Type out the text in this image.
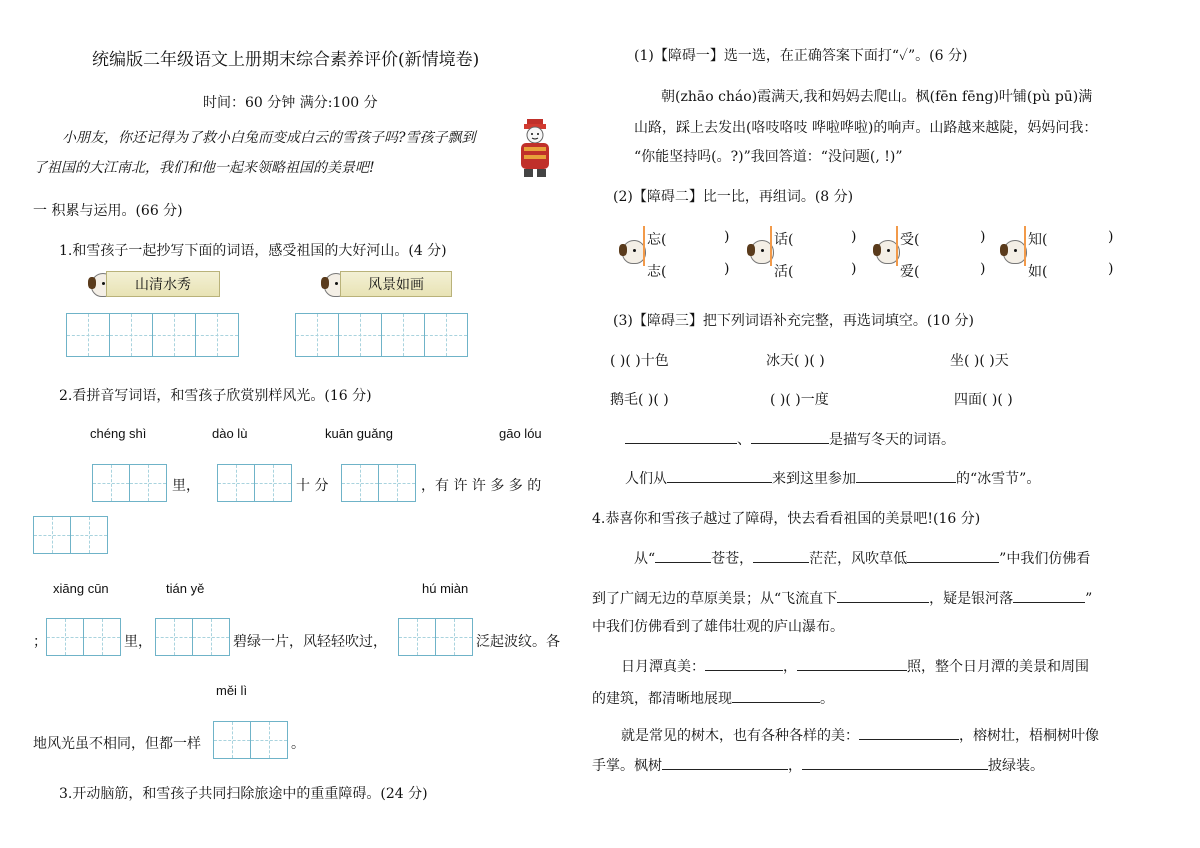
统编版二年级语文上册期末综合素养评价(新情境卷)
时间：60 分钟 满分:100 分
小朋友，你还记得为了救小白兔而变成白云的雪孩子吗?雪孩子飘到
了祖国的大江南北，我们和他一起来领略祖国的美景吧!
一 积累与运用。(66 分)
1.和雪孩子一起抄写下面的词语，感受祖国的大好河山。(4 分)
山清水秀	风景如画
2.看拼音写词语，和雪孩子欣赏别样风光。(16 分)
chéng shì	dào lù	kuān guǎng	gāo lóu
里，	十 分	，有 许 许 多 多 的
xiāng cūn	tián yě	hú miàn
；	里，	碧绿一片，风轻轻吹过，	泛起波纹。各
měi lì
地风光虽不相同，但都一样	。
3.开动脑筋，和雪孩子共同扫除旅途中的重重障碍。(24 分)
(1)【障碍一】选一选，在正确答案下面打“✓”。(6 分)
朝(zhāo cháo)霞满天,我和妈妈去爬山。枫(fēn fēng)叶铺(pù pū)满
山路，踩上去发出(咯吱咯吱 哗啦哗啦)的响声。山路越来越陡，妈妈问我：
“你能坚持吗(。?)”我回答道：“没问题(, !)”
(2)【障碍二】比一比，再组词。(8 分)
忘(	)
志(	)
话(	)
活(	)
受(	)
爱(	)
知(	)
如(	)
(3)【障碍三】把下列词语补充完整，再选词填空。(10 分)
( )( )十色	冰天( )( )	坐( )( )天
鹅毛( )( )	( )( )一度	四面( )( )
、	是描写冬天的词语。
人们从	来到这里参加	的“冰雪节”。
4.恭喜你和雪孩子越过了障碍，快去看看祖国的美景吧!(16 分)
从“	苍苍，	茫茫，风吹草低	”中我们仿佛看
到了广阔无边的草原美景；从“飞流直下	，疑是银河落	”
中我们仿佛看到了雄伟壮观的庐山瀑布。
日月潭真美：	，	照，整个日月潭的美景和周围
的建筑，都清晰地展现	。
就是常见的树木，也有各种各样的美：	，榕树壮，梧桐树叶像
手掌。枫树	，	披绿装。
